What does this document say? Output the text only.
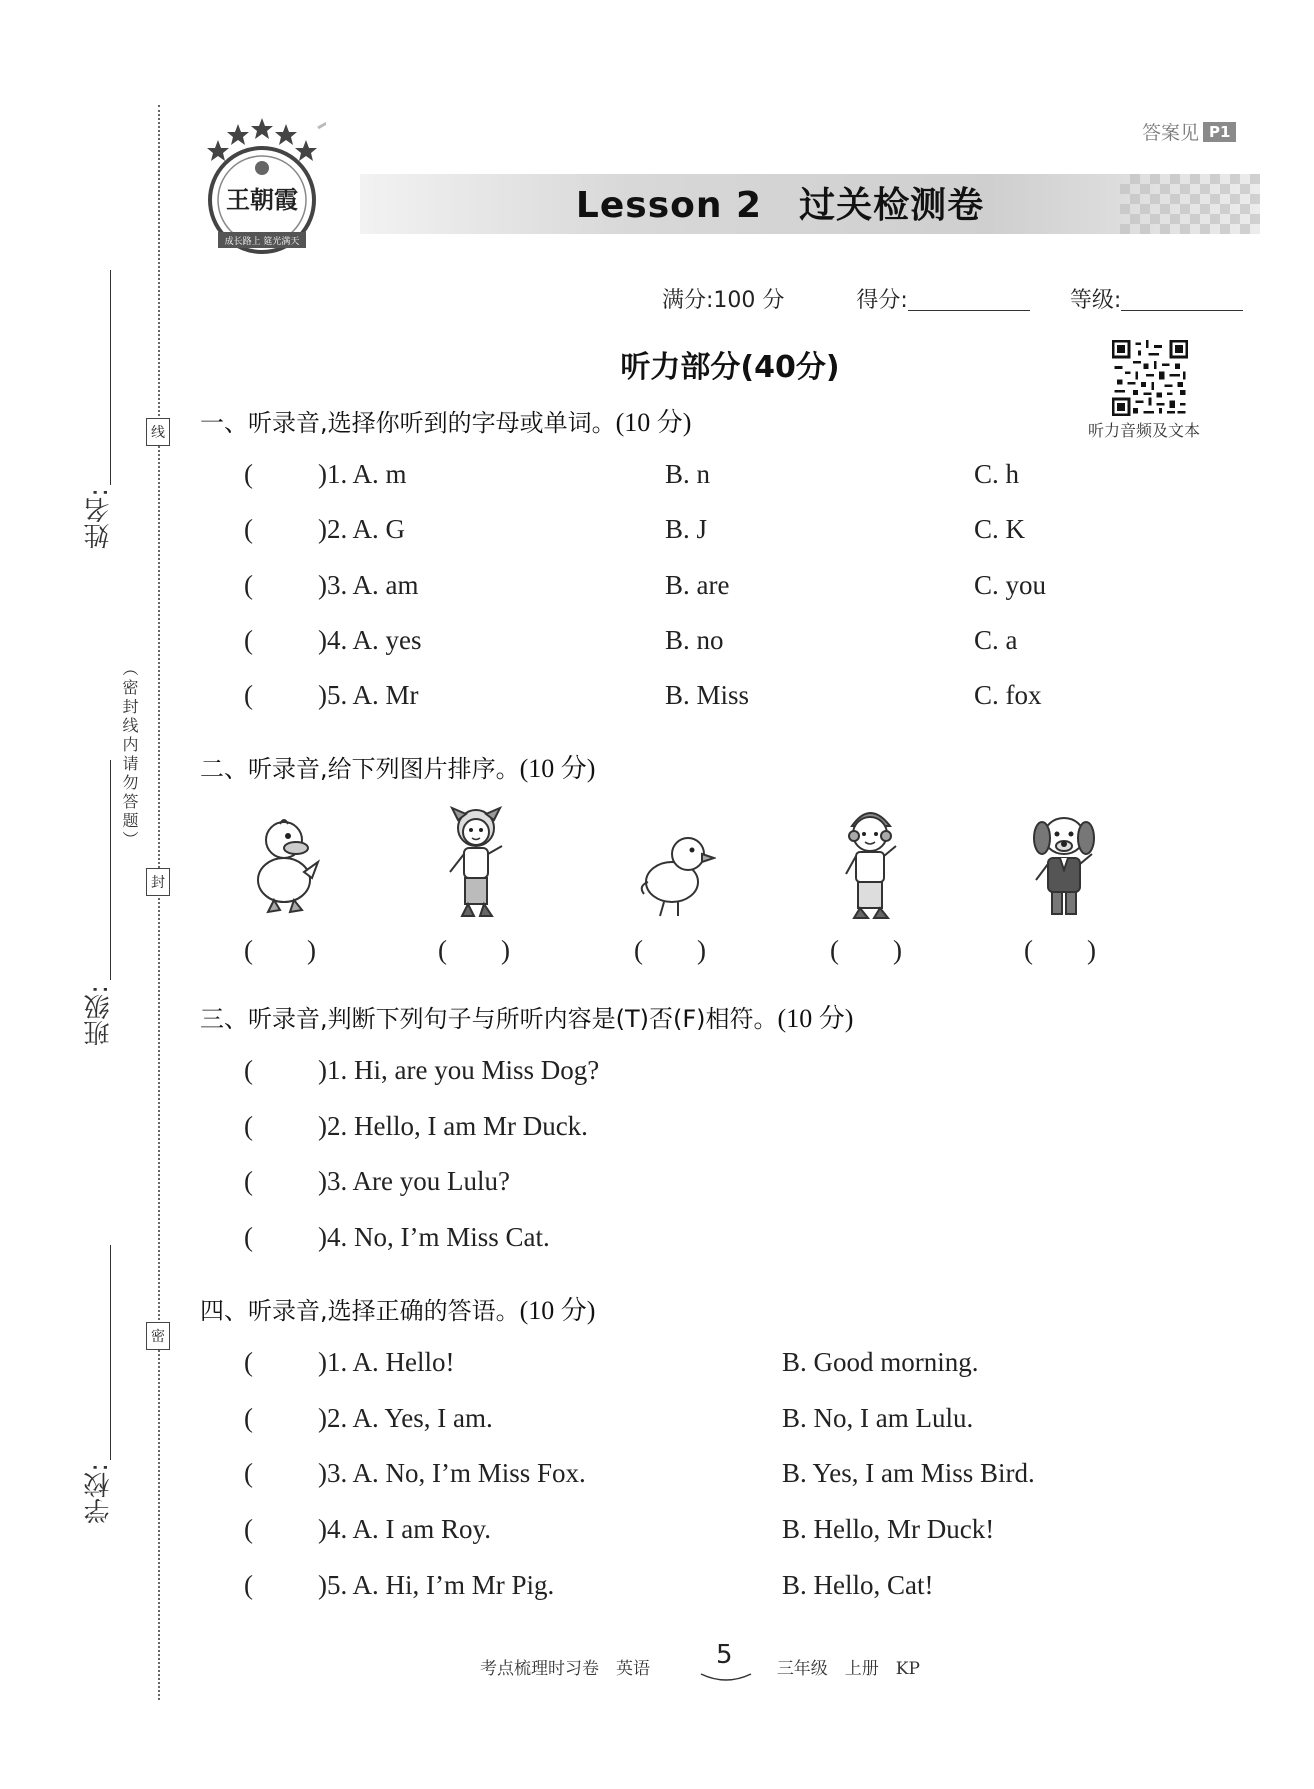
姓名:
班级:
学校:
线
封
密
（密封线内请勿答题）
答案见 P1
Lesson 2　过关检测卷
王朝霞
成长路上 筵光满天
满分:100 分	得分:	等级:
听力部分(40分)
听力音频及文本
一、听录音,选择你听到的字母或单词。(10 分)
( )1. A. m	B. n	C. h
( )2. A. G	B. J	C. K
( )3. A. am	B. are	C. you
( )4. A. yes	B. no	C. a
( )5. A. Mr	B. Miss	C. fox
二、听录音,给下列图片排序。(10 分)
(　　)	(　　)	(　　)	(　　)	(　　)
三、听录音,判断下列句子与所听内容是(T)否(F)相符。(10 分)
( )1. Hi, are you Miss Dog?
( )2. Hello, I am Mr Duck.
( )3. Are you Lulu?
( )4. No, I’m Miss Cat.
四、听录音,选择正确的答语。(10 分)
( )1. A. Hello!	B. Good morning.
( )2. A. Yes, I am.	B. No, I am Lulu.
( )3. A. No, I’m Miss Fox.	B. Yes, I am Miss Bird.
( )4. A. I am Roy.	B. Hello, Mr Duck!
( )5. A. Hi, I’m Mr Pig.	B. Hello, Cat!
考点梳理时习卷　英语	三年级　上册　KP
5
